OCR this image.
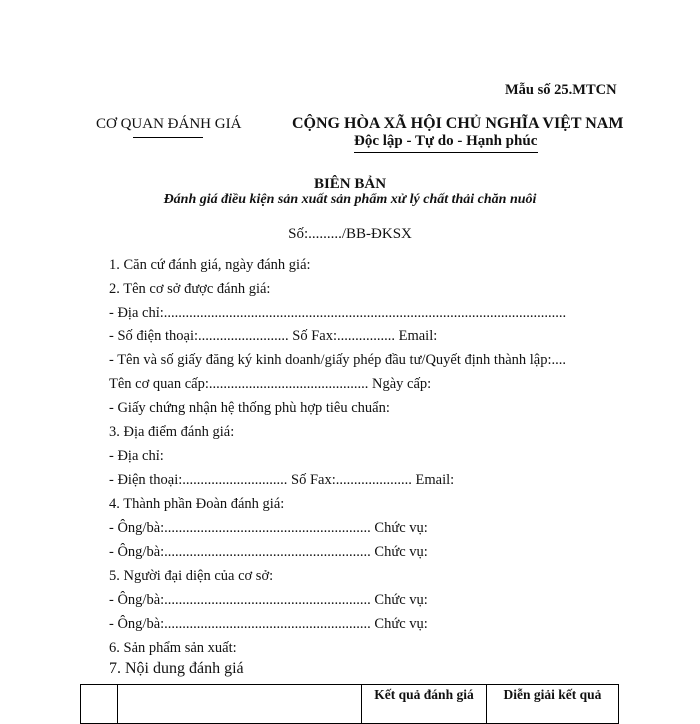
Mẫu số 25.MTCN
CƠ QUAN ĐÁNH GIÁ	CỘNG HÒA XÃ HỘI CHỦ NGHĨA VIỆT NAM
Độc lập - Tự do - Hạnh phúc
BIÊN BẢN
Đánh giá điều kiện sản xuất sản phẩm xử lý chất thải chăn nuôi
Số:........./BB-ĐKSX
1. Căn cứ đánh giá, ngày đánh giá:
2. Tên cơ sở được đánh giá:
- Địa chỉ:...............................................................................................................
- Số điện thoại:......................... Số Fax:................ Email:
- Tên và số giấy đăng ký kinh doanh/giấy phép đầu tư/Quyết định thành lập:....
Tên cơ quan cấp:............................................ Ngày cấp:
- Giấy chứng nhận hệ thống phù hợp tiêu chuẩn:
3. Địa điểm đánh giá:
- Địa chỉ:
- Điện thoại:............................. Số Fax:..................... Email:
4. Thành phần Đoàn đánh giá:
- Ông/bà:......................................................... Chức vụ:
- Ông/bà:......................................................... Chức vụ:
5. Người đại diện của cơ sở:
- Ông/bà:......................................................... Chức vụ:
- Ông/bà:......................................................... Chức vụ:
6. Sản phẩm sản xuất:
7. Nội dung đánh giá
		Kết quả đánh giá	Diễn giải kết quả
